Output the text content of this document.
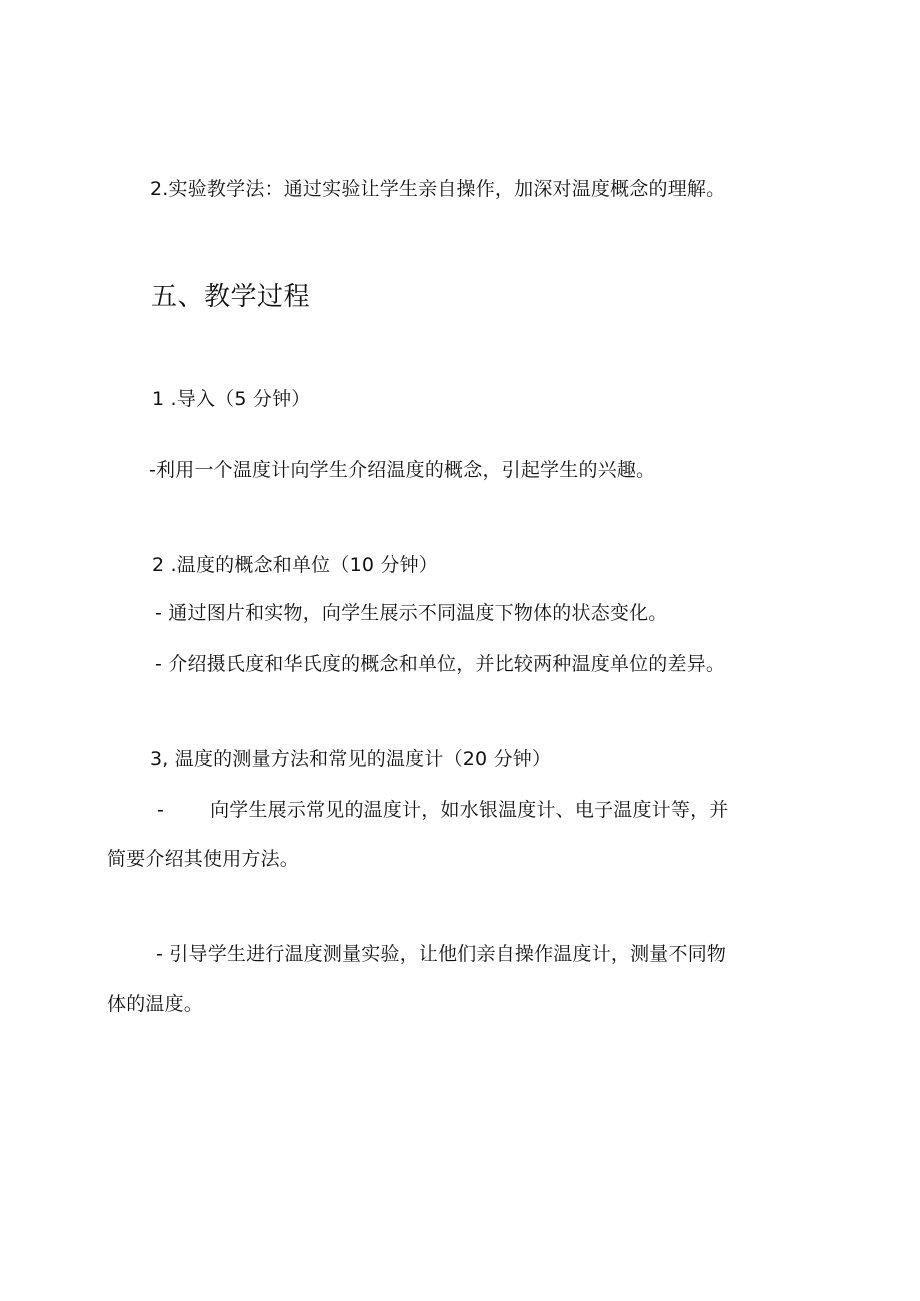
2.实验教学法：通过实验让学生亲自操作，加深对温度概念的理解。
五、教学过程
1 .导入（5 分钟）
-利用一个温度计向学生介绍温度的概念，引起学生的兴趣。
2 .温度的概念和单位（10 分钟）
- 通过图片和实物，向学生展示不同温度下物体的状态变化。
- 介绍摄氏度和华氏度的概念和单位，并比较两种温度单位的差异。
3, 温度的测量方法和常见的温度计（20 分钟）
- 向学生展示常见的温度计，如水银温度计、电子温度计等，并
简要介绍其使用方法。
- 引导学生进行温度测量实验，让他们亲自操作温度计，测量不同物
体的温度。
